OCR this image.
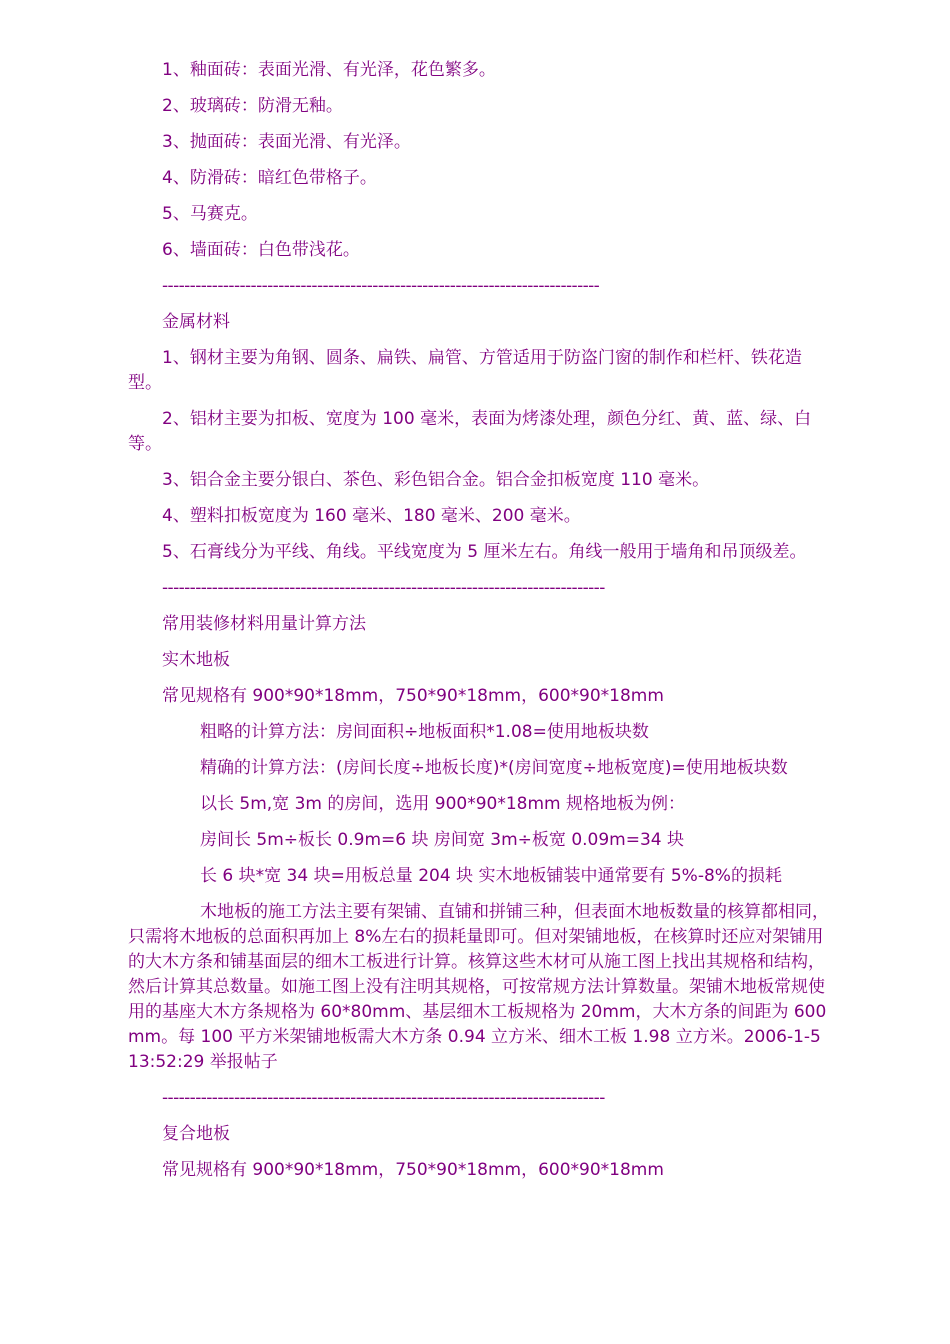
1、釉面砖：表面光滑、有光泽，花色繁多。

2、玻璃砖：防滑无釉。

3、抛面砖：表面光滑、有光泽。

4、防滑砖：暗红色带格子。

5、马赛克。

6、墙面砖：白色带浅花。

-------------------------------------------------------------------------------

金属材料

1、钢材主要为角钢、圆条、扁铁、扁管、方管适用于防盗门窗的制作和栏杆、铁花造型。

2、铝材主要为扣板、宽度为 100 毫米，表面为烤漆处理，颜色分红、黄、蓝、绿、白等。

3、铝合金主要分银白、茶色、彩色铝合金。铝合金扣板宽度 110 毫米。

4、塑料扣板宽度为 160 毫米、180 毫米、200 毫米。

5、石膏线分为平线、角线。平线宽度为 5 厘米左右。角线一般用于墙角和吊顶级差。

--------------------------------------------------------------------------------

常用装修材料用量计算方法

实木地板

常见规格有 900*90*18mm，750*90*18mm，600*90*18mm

粗略的计算方法：房间面积÷地板面积*1.08=使用地板块数

精确的计算方法：(房间长度÷地板长度)*(房间宽度÷地板宽度)=使用地板块数

以长 5m,宽 3m 的房间，选用 900*90*18mm 规格地板为例：

房间长 5m÷板长 0.9m=6 块 房间宽 3m÷板宽 0.09m=34 块

长 6 块*宽 34 块=用板总量 204 块 实木地板铺装中通常要有 5%-8%的损耗

木地板的施工方法主要有架铺、直铺和拼铺三种，但表面木地板数量的核算都相同，只需将木地板的总面积再加上 8%左右的损耗量即可。但对架铺地板，在核算时还应对架铺用的大木方条和铺基面层的细木工板进行计算。核算这些木材可从施工图上找出其规格和结构，然后计算其总数量。如施工图上没有注明其规格，可按常规方法计算数量。架铺木地板常规使用的基座大木方条规格为 60*80mm、基层细木工板规格为 20mm，大木方条的间距为 600mm。每 100 平方米架铺地板需大木方条 0.94 立方米、细木工板 1.98 立方米。2006-1-5 13:52:29 举报帖子

--------------------------------------------------------------------------------

复合地板

常见规格有 900*90*18mm，750*90*18mm，600*90*18mm
